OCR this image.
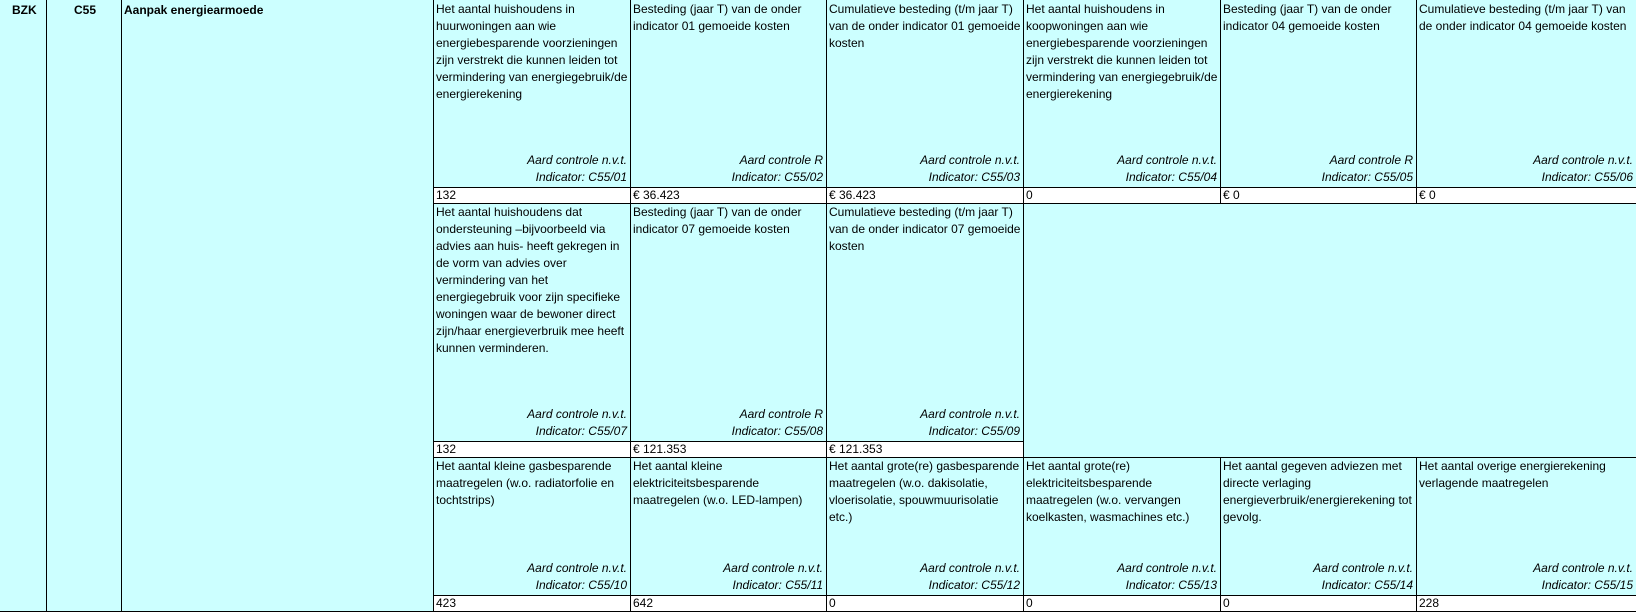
BZK	C55 Aanpak energiearmoede	Het aantal huishoudens in huurwoningen aan wie energiebesparende voorzieningen zijn verstrekt die kunnen leiden tot vermindering van energiegebruik/de energierekening
Aard controle n.v.t.
Indicator: C55/01
132
Besteding (jaar T) van de onder indicator 01 gemoeide kosten
Aard controle R
Indicator: C55/02
€ 36.423
Cumulatieve besteding (t/m jaar T) van de onder indicator 01 gemoeide kosten
Aard controle n.v.t.
Indicator: C55/03
€ 36.423
Het aantal huishoudens in koopwoningen aan wie energiebesparende voorzieningen zijn verstrekt die kunnen leiden tot vermindering van energiegebruik/de energierekening
Aard controle n.v.t.
Indicator: C55/04
0
Besteding (jaar T) van de onder indicator 04 gemoeide kosten
Aard controle R
Indicator: C55/05
€ 0
Cumulatieve besteding (t/m jaar T) van de onder indicator 04 gemoeide kosten
Aard controle n.v.t.
Indicator: C55/06
€ 0
Het aantal huishoudens dat ondersteuning –bijvoorbeeld via advies aan huis- heeft gekregen in de vorm van advies over vermindering van het energiegebruik voor zijn specifieke woningen waar de bewoner direct zijn/haar energieverbruik mee heeft kunnen verminderen.
Aard controle n.v.t.
Indicator: C55/07
132
Besteding (jaar T) van de onder indicator 07 gemoeide kosten
Aard controle R
Indicator: C55/08
€ 121.353
Cumulatieve besteding (t/m jaar T) van de onder indicator 07 gemoeide kosten
Aard controle n.v.t.
Indicator: C55/09
€ 121.353
Het aantal kleine gasbesparende maatregelen (w.o. radiatorfolie en tochtstrips)
Aard controle n.v.t.
Indicator: C55/10
423
Het aantal kleine elektriciteitsbesparende maatregelen (w.o. LED-lampen)
Aard controle n.v.t.
Indicator: C55/11
642
Het aantal grote(re) gasbesparende maatregelen (w.o. dakisolatie, vloerisolatie, spouwmuurisolatie etc.)
Aard controle n.v.t.
Indicator: C55/12
0
Het aantal grote(re) elektriciteitsbesparende maatregelen (w.o. vervangen koelkasten, wasmachines etc.)
Aard controle n.v.t.
Indicator: C55/13
0
Het aantal gegeven adviezen met directe verlaging energieverbruik/energierekening tot gevolg.
Aard controle n.v.t.
Indicator: C55/14
0
Het aantal overige energierekening verlagende maatregelen
Aard controle n.v.t.
Indicator: C55/15
228
